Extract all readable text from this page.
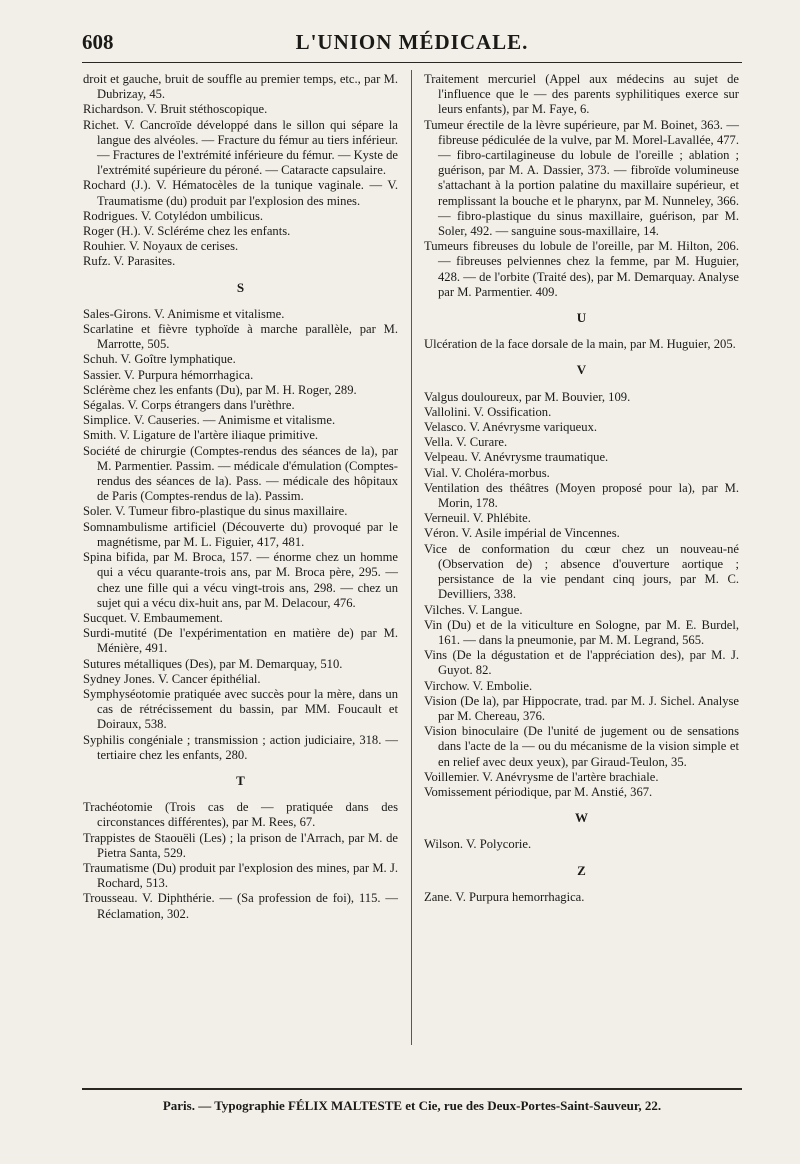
608	L'UNION MÉDICALE.

droit et gauche, bruit de souffle au premier temps, etc., par M. Dubrizay, 45.

Richardson. V. Bruit stéthoscopique.

Richet. V. Cancroïde développé dans le sillon qui sépare la langue des alvéoles. — Fracture du fémur au tiers inférieur. — Fractures de l'extrémité inférieure du fémur. — Kyste de l'extrémité supérieure du péroné. — Cataracte capsulaire.

Rochard (J.). V. Hématocèles de la tunique vaginale. — V. Traumatisme (du) produit par l'explosion des mines.

Rodrigues. V. Cotylédon umbilicus.

Roger (H.). V. Scléréme chez les enfants.

Rouhier. V. Noyaux de cerises.

Rufz. V. Parasites.

S

Sales-Girons. V. Animisme et vitalisme.

Scarlatine et fièvre typhoïde à marche parallèle, par M. Marrotte, 505.

Schuh. V. Goître lymphatique.

Sassier. V. Purpura hémorrhagica.

Sclérème chez les enfants (Du), par M. H. Roger, 289.

Ségalas. V. Corps étrangers dans l'urèthre.

Simplice. V. Causeries. — Animisme et vitalisme.

Smith. V. Ligature de l'artère iliaque primitive.

Société de chirurgie (Comptes-rendus des séances de la), par M. Parmentier. Passim. — médicale d'émulation (Comptes-rendus des séances de la). Pass. — médicale des hôpitaux de Paris (Comptes-rendus de la). Passim.

Soler. V. Tumeur fibro-plastique du sinus maxillaire.

Somnambulisme artificiel (Découverte du) provoqué par le magnétisme, par M. L. Figuier, 417, 481.

Spina bifida, par M. Broca, 157. — énorme chez un homme qui a vécu quarante-trois ans, par M. Broca père, 295. — chez une fille qui a vécu vingt-trois ans, 298. — chez un sujet qui a vécu dix-huit ans, par M. Delacour, 476.

Sucquet. V. Embaumement.

Surdi-mutité (De l'expérimentation en matière de) par M. Ménière, 491.

Sutures métalliques (Des), par M. Demarquay, 510.

Sydney Jones. V. Cancer épithélial.

Symphyséotomie pratiquée avec succès pour la mère, dans un cas de rétrécissement du bassin, par MM. Foucault et Doiraux, 538.

Syphilis congéniale ; transmission ; action judiciaire, 318. — tertiaire chez les enfants, 280.

T

Trachéotomie (Trois cas de — pratiquée dans des circonstances différentes), par M. Rees, 67.

Trappistes de Staouëli (Les) ; la prison de l'Arrach, par M. de Pietra Santa, 529.

Traumatisme (Du) produit par l'explosion des mines, par M. J. Rochard, 513.

Trousseau. V. Diphthérie. — (Sa profession de foi), 115. — Réclamation, 302.

Traitement mercuriel (Appel aux médecins au sujet de l'influence que le — des parents syphilitiques exerce sur leurs enfants), par M. Faye, 6.

Tumeur érectile de la lèvre supérieure, par M. Boinet, 363. — fibreuse pédiculée de la vulve, par M. Morel-Lavallée, 477.— fibro-cartilagineuse du lobule de l'oreille ; ablation ; guérison, par M. A. Dassier, 373. — fibroïde volumineuse s'attachant à la portion palatine du maxillaire supérieur, et remplissant la bouche et le pharynx, par M. Nunneley, 366. — fibro-plastique du sinus maxillaire, guérison, par M. Soler, 492. — sanguine sous-maxillaire, 14.

Tumeurs fibreuses du lobule de l'oreille, par M. Hilton, 206. — fibreuses pelviennes chez la femme, par M. Huguier, 428. — de l'orbite (Traité des), par M. Demarquay. Analyse par M. Parmentier. 409.

U

Ulcération de la face dorsale de la main, par M. Huguier, 205.

V

Valgus douloureux, par M. Bouvier, 109.

Vallolini. V. Ossification.

Velasco. V. Anévrysme variqueux.

Vella. V. Curare.

Velpeau. V. Anévrysme traumatique.

Vial. V. Choléra-morbus.

Ventilation des théâtres (Moyen proposé pour la), par M. Morin, 178.

Verneuil. V. Phlébite.

Véron. V. Asile impérial de Vincennes.

Vice de conformation du cœur chez un nouveau-né (Observation de) ; absence d'ouverture aortique ; persistance de la vie pendant cinq jours, par M. C. Devilliers, 338.

Vilches. V. Langue.

Vin (Du) et de la viticulture en Sologne, par M. E. Burdel, 161. — dans la pneumonie, par M. M. Legrand, 565.

Vins (De la dégustation et de l'appréciation des), par M. J. Guyot. 82.

Virchow. V. Embolie.

Vision (De la), par Hippocrate, trad. par M. J. Sichel. Analyse par M. Chereau, 376.

Vision binoculaire (De l'unité de jugement ou de sensations dans l'acte de la — ou du mécanisme de la vision simple et en relief avec deux yeux), par Giraud-Teulon, 35.

Voillemier. V. Anévrysme de l'artère brachiale.

Vomissement périodique, par M. Anstié, 367.

W

Wilson. V. Polycorie.

Z

Zane. V. Purpura hemorrhagica.

Paris. — Typographie FÉLIX MALTESTE et Cie, rue des Deux-Portes-Saint-Sauveur, 22.
